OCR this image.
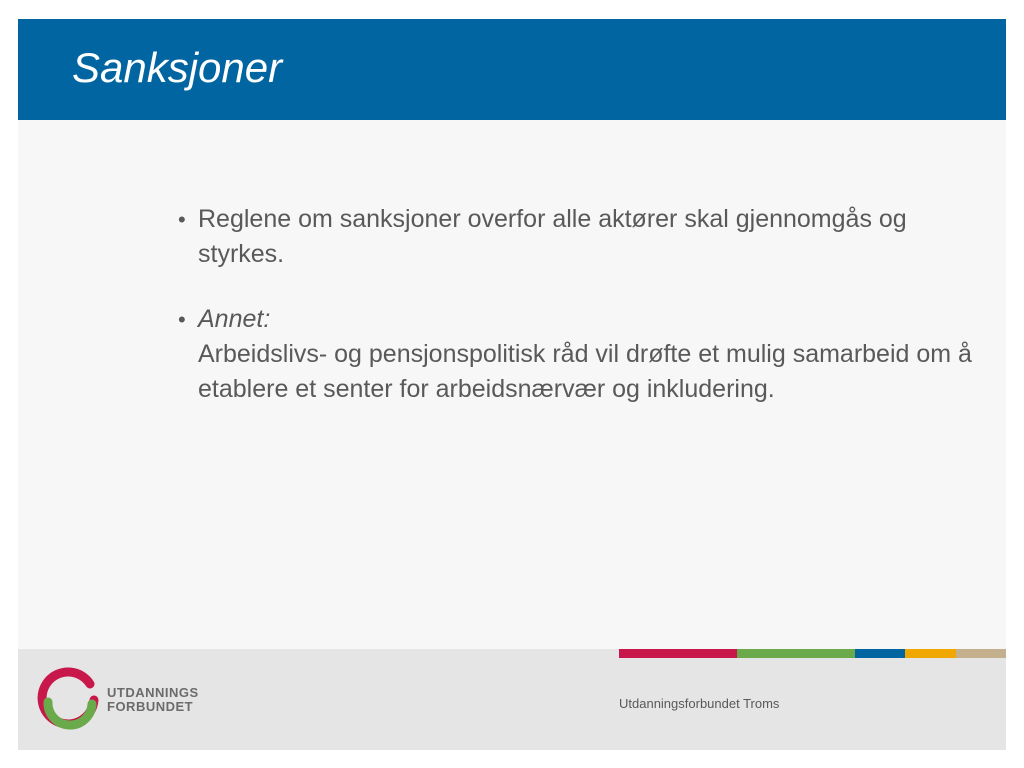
Sanksjoner
• Reglene om sanksjoner overfor alle aktører skal gjennomgås og styrkes.
• Annet:
Arbeidslivs- og pensjonspolitisk råd vil drøfte et mulig samarbeid om å etablere et senter for arbeidsnærvær og inkludering.
UTDANNINGS
FORBUNDET	Utdanningsforbundet Troms
